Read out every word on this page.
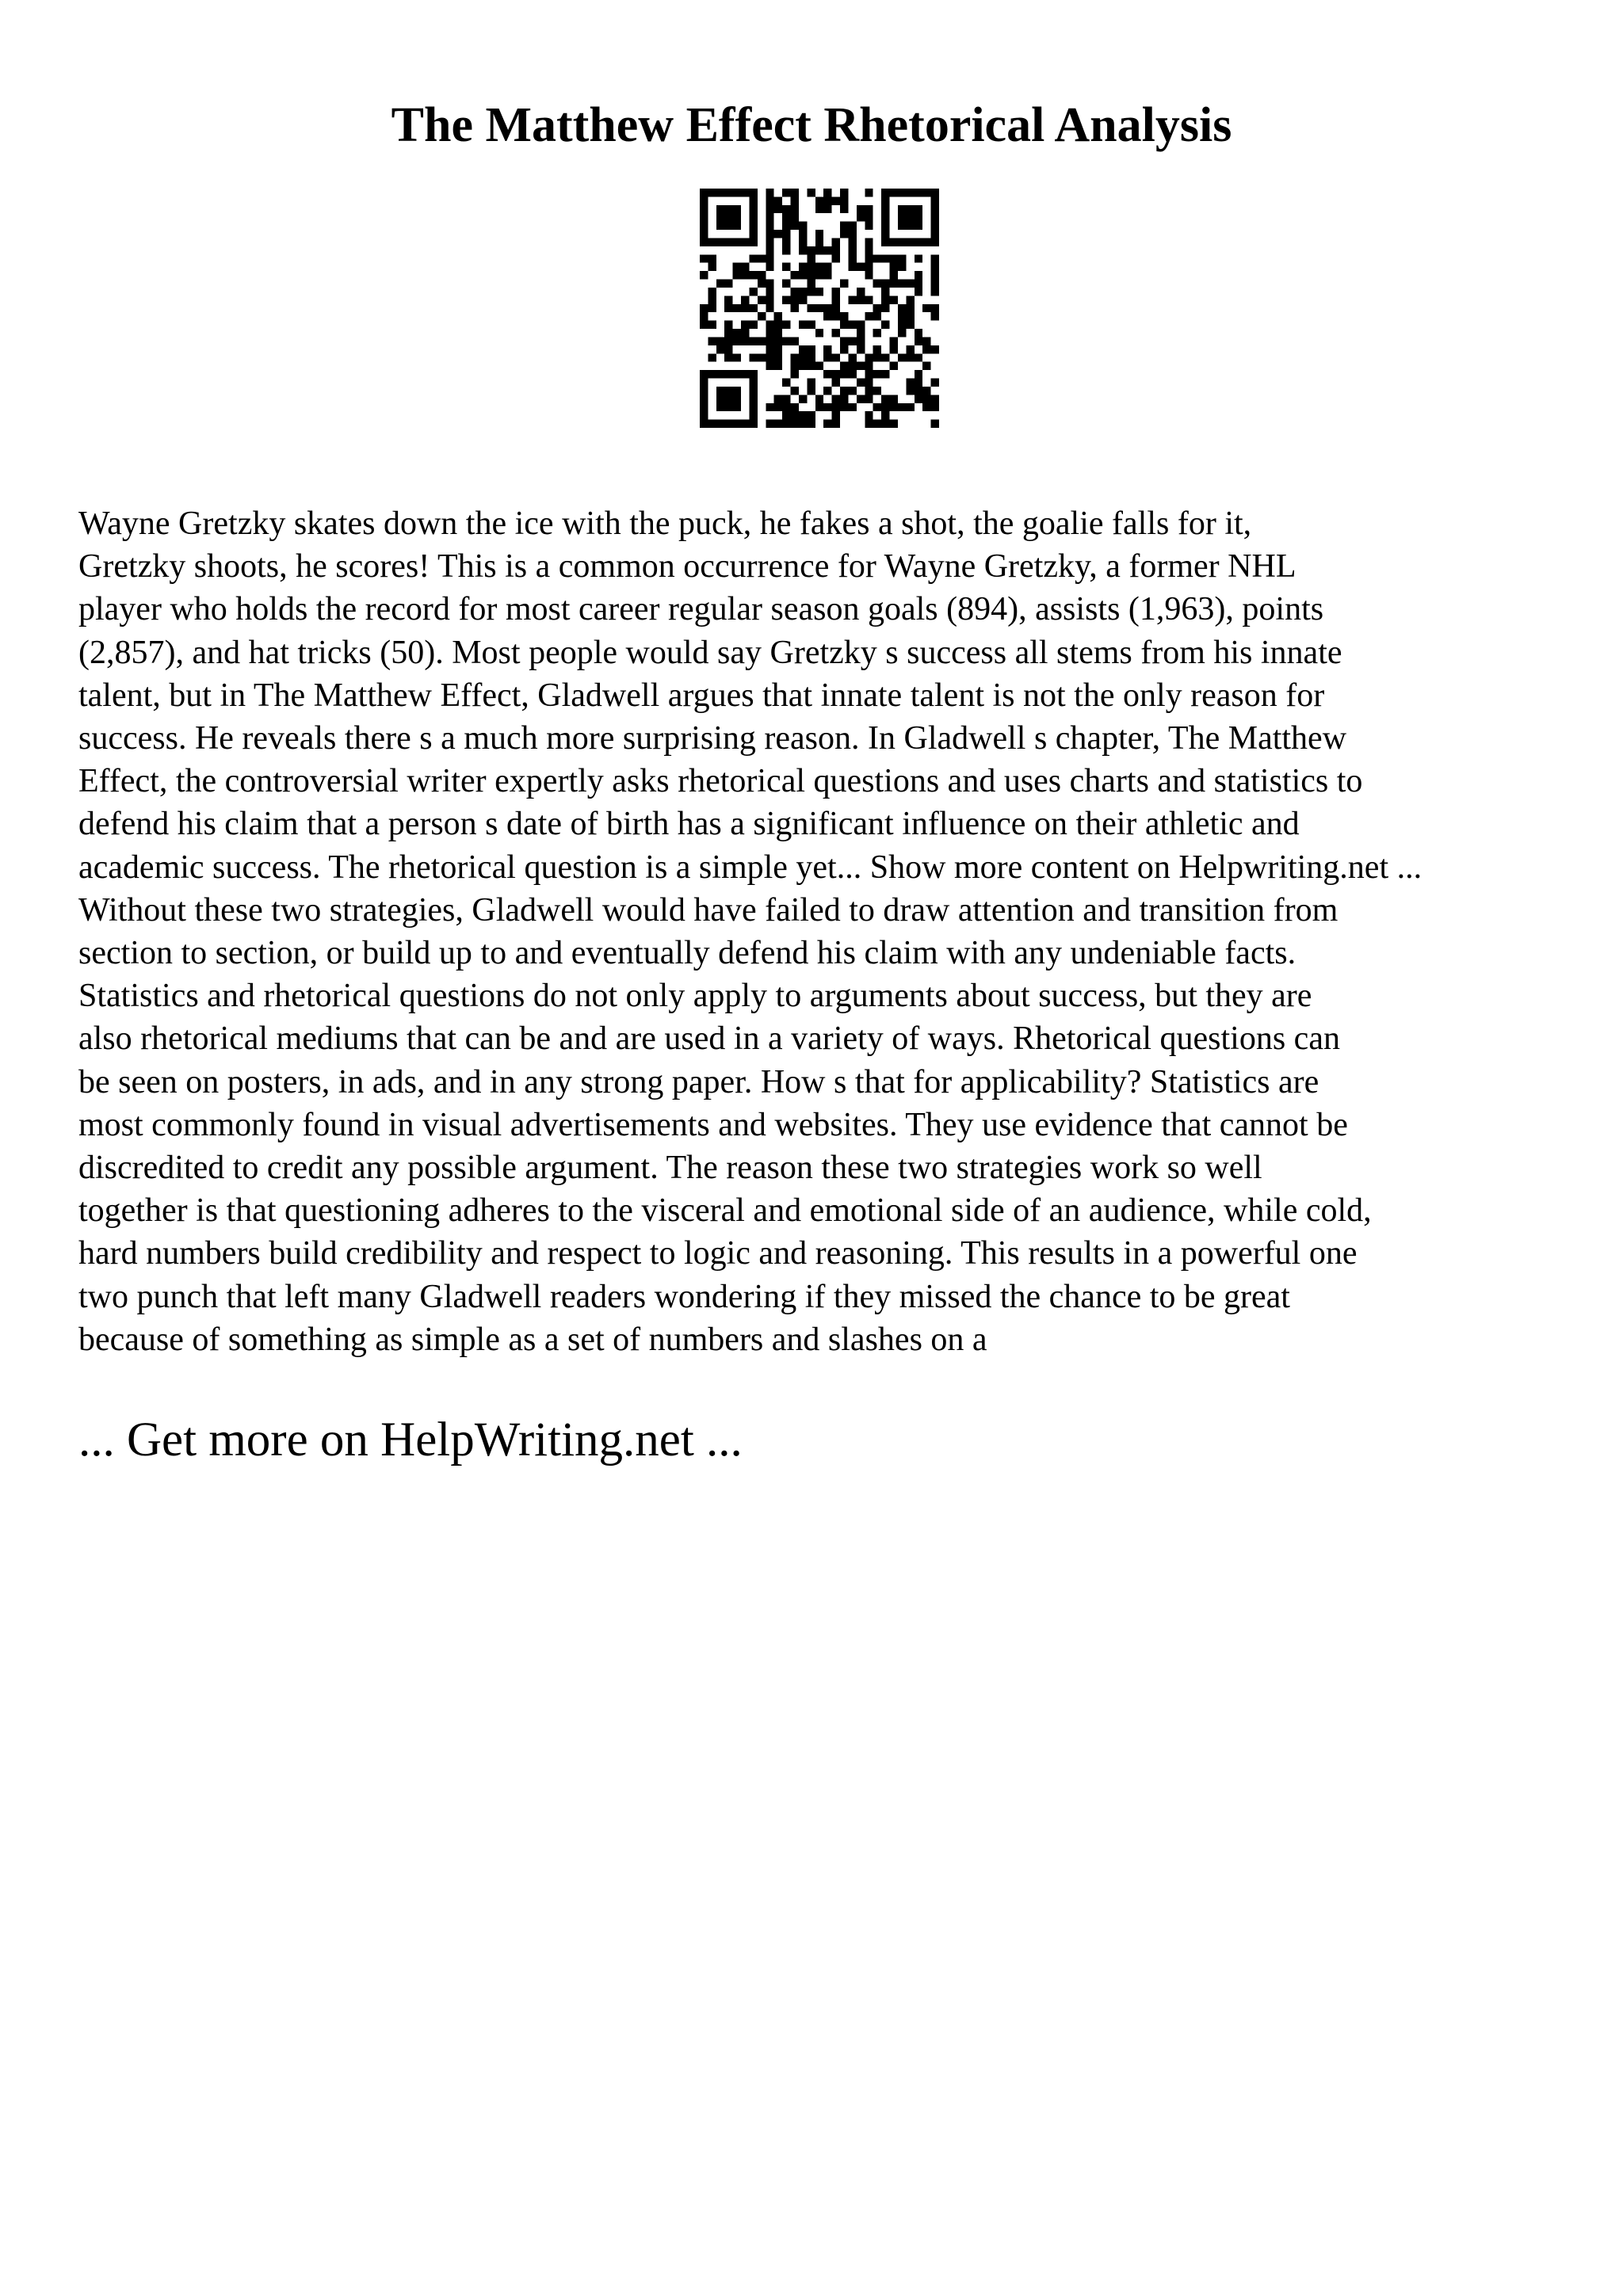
The Matthew Effect Rhetorical Analysis
Wayne Gretzky skates down the ice with the puck, he fakes a shot, the goalie falls for it,
Gretzky shoots, he scores! This is a common occurrence for Wayne Gretzky, a former NHL
player who holds the record for most career regular season goals (894), assists (1,963), points
(2,857), and hat tricks (50). Most people would say Gretzky s success all stems from his innate
talent, but in The Matthew Effect, Gladwell argues that innate talent is not the only reason for
success. He reveals there s a much more surprising reason. In Gladwell s chapter, The Matthew
Effect, the controversial writer expertly asks rhetorical questions and uses charts and statistics to
defend his claim that a person s date of birth has a significant influence on their athletic and
academic success. The rhetorical question is a simple yet... Show more content on Helpwriting.net ...
Without these two strategies, Gladwell would have failed to draw attention and transition from
section to section, or build up to and eventually defend his claim with any undeniable facts.
Statistics and rhetorical questions do not only apply to arguments about success, but they are
also rhetorical mediums that can be and are used in a variety of ways. Rhetorical questions can
be seen on posters, in ads, and in any strong paper. How s that for applicability? Statistics are
most commonly found in visual advertisements and websites. They use evidence that cannot be
discredited to credit any possible argument. The reason these two strategies work so well
together is that questioning adheres to the visceral and emotional side of an audience, while cold,
hard numbers build credibility and respect to logic and reasoning. This results in a powerful one
two punch that left many Gladwell readers wondering if they missed the chance to be great
because of something as simple as a set of numbers and slashes on a

... Get more on HelpWriting.net ...
